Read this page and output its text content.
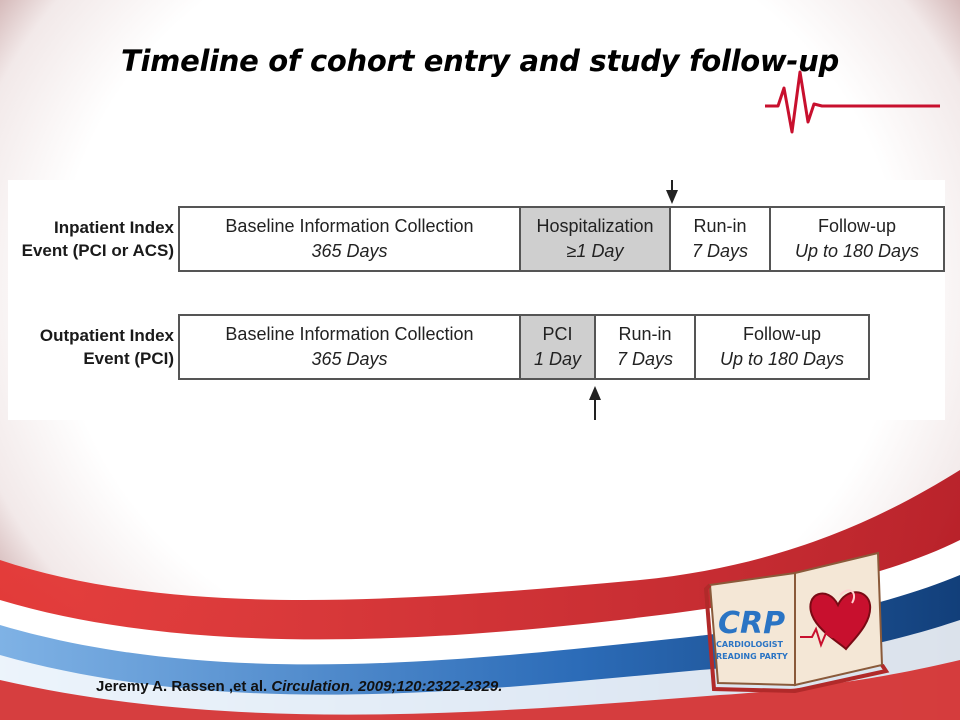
Timeline of cohort entry and study follow-up
Inpatient Index
Event (PCI or ACS)
Baseline Information Collection
365 Days
Hospitalization
≥1 Day
Run-in
7 Days
Follow-up
Up to 180 Days
Outpatient Index
Event (PCI)
Baseline Information Collection
365 Days
PCI
1 Day
Run-in
7 Days
Follow-up
Up to 180 Days
Jeremy A. Rassen ,et al. Circulation. 2009;120:2322-2329.
CRP
CARDIOLOGIST
READING PARTY
